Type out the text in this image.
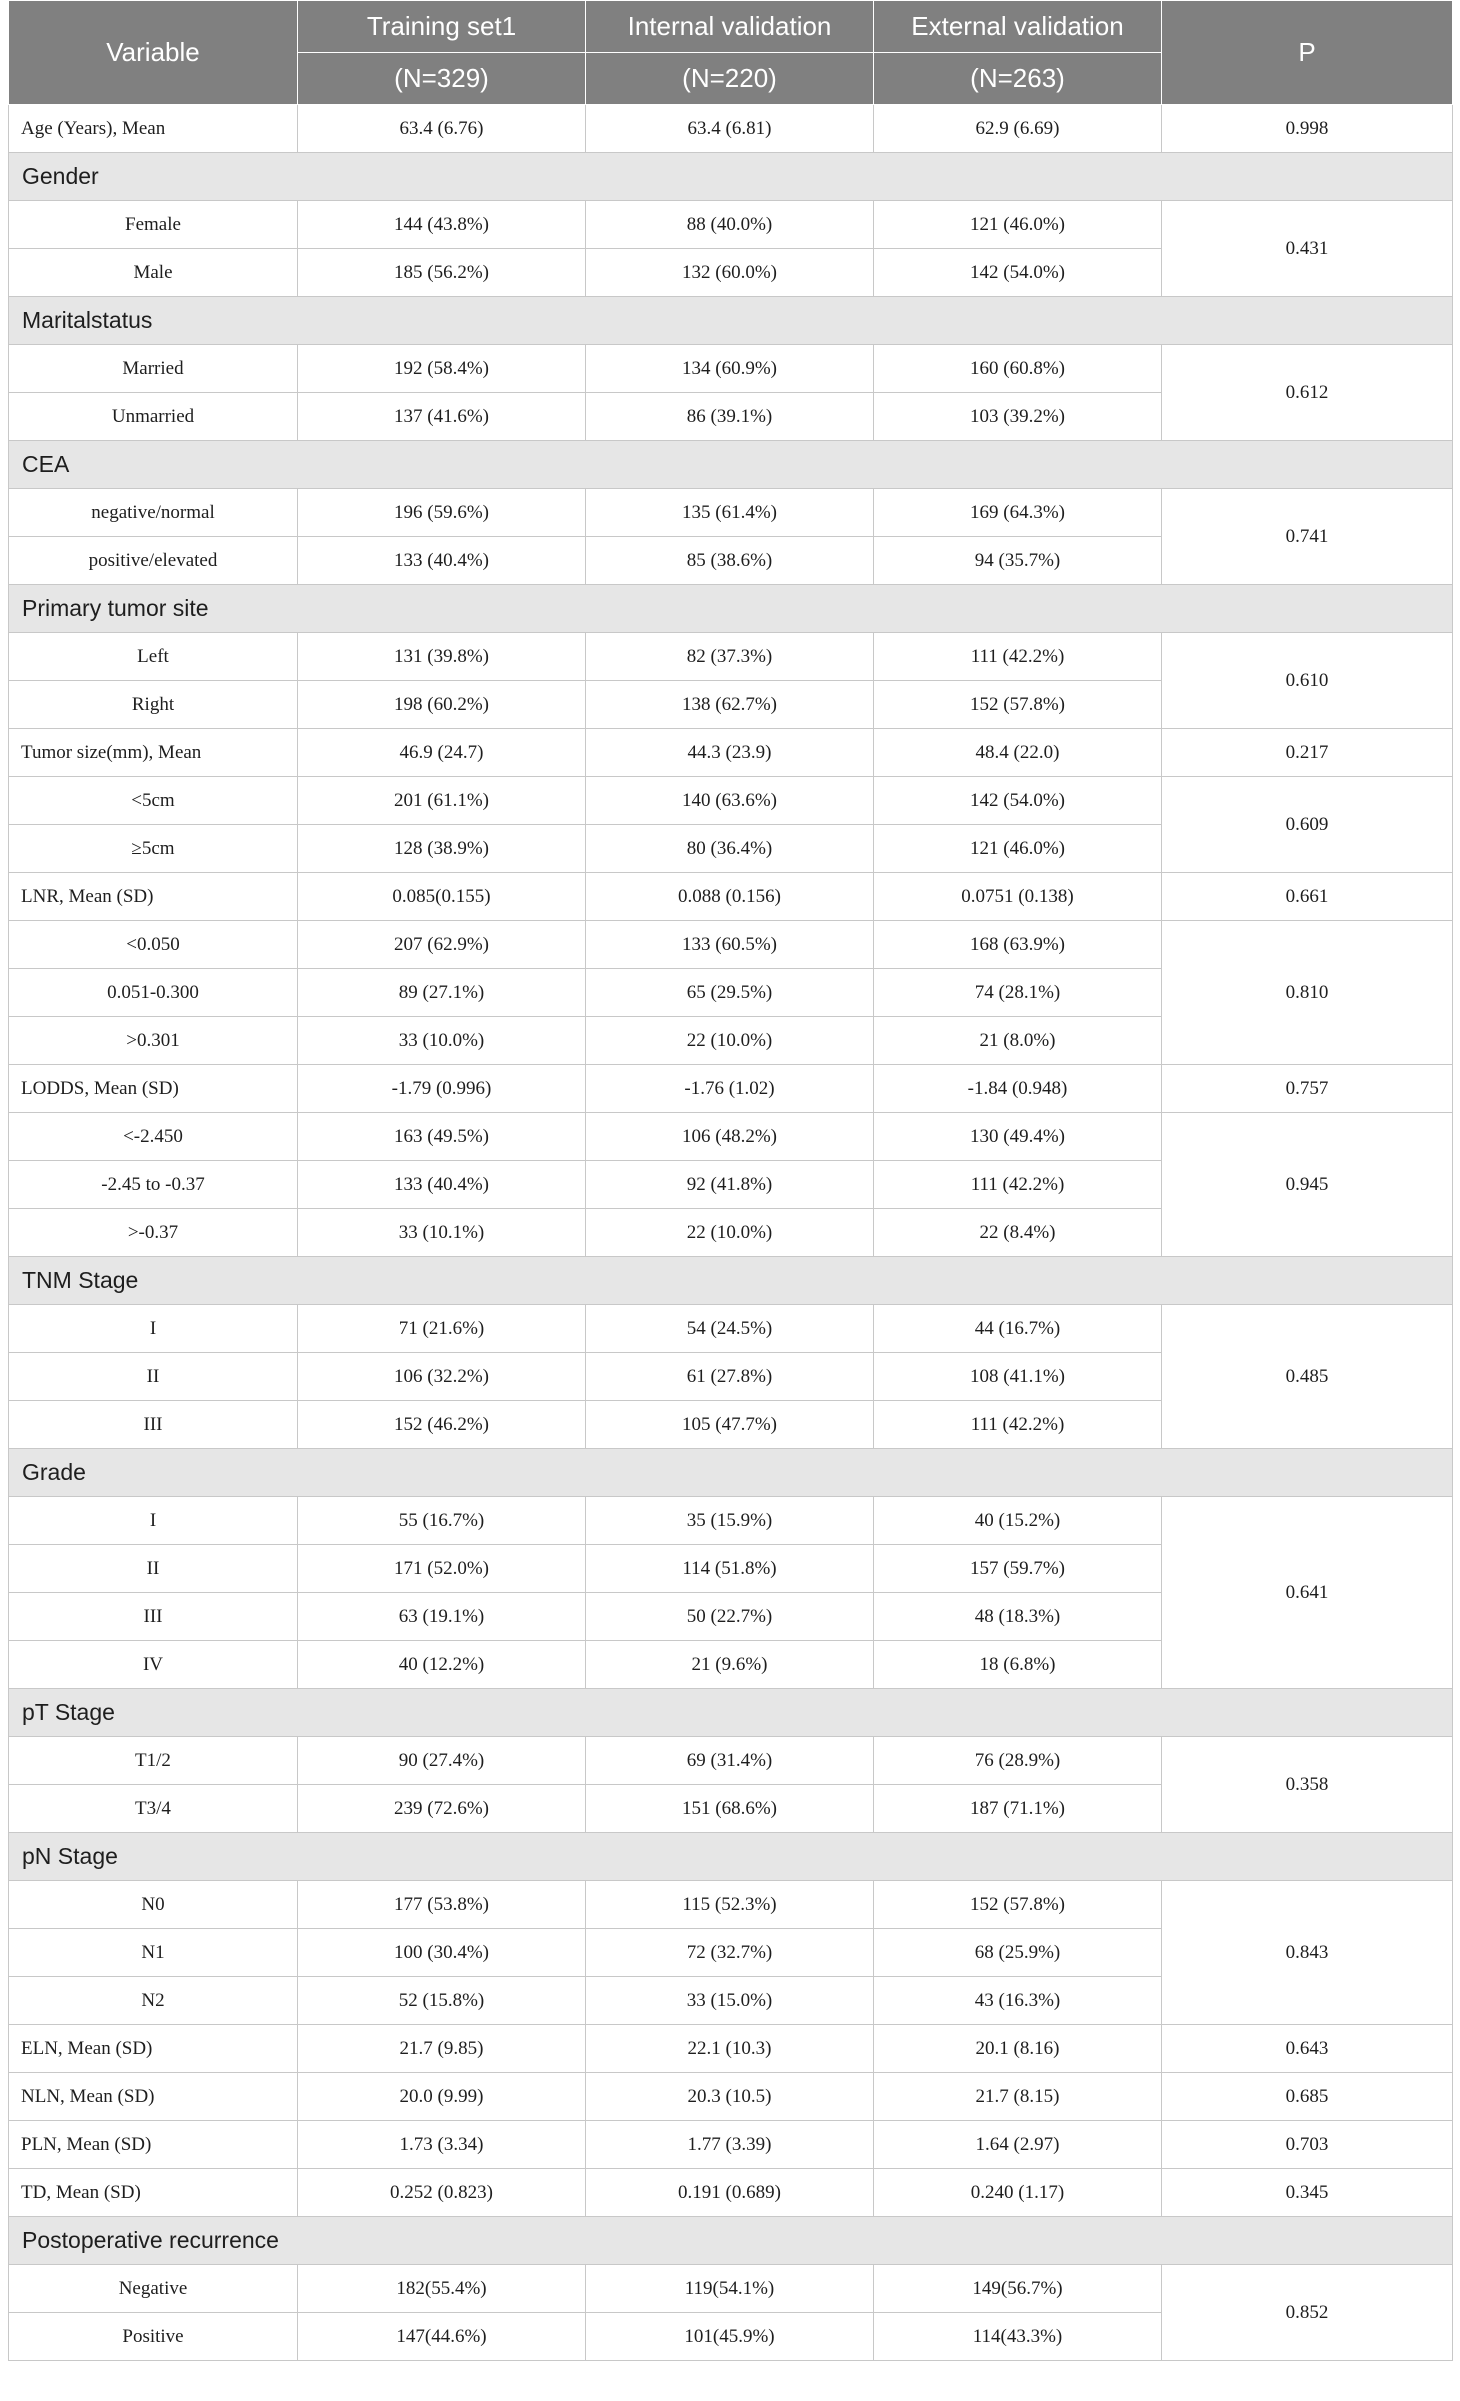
Variable	Training set1	Internal validation	External validation	P
	(N=329)	(N=220)	(N=263)	
Age (Years), Mean	63.4 (6.76)	63.4 (6.81)	62.9 (6.69)	0.998
Gender				
Female	144 (43.8%)	88 (40.0%)	121 (46.0%)	0.431
Male	185 (56.2%)	132 (60.0%)	142 (54.0%)	
Maritalstatus				
Married	192 (58.4%)	134 (60.9%)	160 (60.8%)	0.612
Unmarried	137 (41.6%)	86 (39.1%)	103 (39.2%)	
CEA				
negative/normal	196 (59.6%)	135 (61.4%)	169 (64.3%)	0.741
positive/elevated	133 (40.4%)	85 (38.6%)	94 (35.7%)	
Primary tumor site				
Left	131 (39.8%)	82 (37.3%)	111 (42.2%)	0.610
Right	198 (60.2%)	138 (62.7%)	152 (57.8%)	
Tumor size(mm), Mean	46.9 (24.7)	44.3 (23.9)	48.4 (22.0)	0.217
<5cm	201 (61.1%)	140 (63.6%)	142 (54.0%)	0.609
≥5cm	128 (38.9%)	80 (36.4%)	121 (46.0%)	
LNR, Mean (SD)	0.085(0.155)	0.088 (0.156)	0.0751 (0.138)	0.661
<0.050	207 (62.9%)	133 (60.5%)	168 (63.9%)	0.810
0.051-0.300	89 (27.1%)	65 (29.5%)	74 (28.1%)	
>0.301	33 (10.0%)	22 (10.0%)	21 (8.0%)	
LODDS, Mean (SD)	-1.79 (0.996)	-1.76 (1.02)	-1.84 (0.948)	0.757
<-2.450	163 (49.5%)	106 (48.2%)	130 (49.4%)	0.945
-2.45 to -0.37	133 (40.4%)	92 (41.8%)	111 (42.2%)	
>-0.37	33 (10.1%)	22 (10.0%)	22 (8.4%)	
TNM Stage				
I	71 (21.6%)	54 (24.5%)	44 (16.7%)	0.485
II	106 (32.2%)	61 (27.8%)	108 (41.1%)	
III	152 (46.2%)	105 (47.7%)	111 (42.2%)	
Grade				
I	55 (16.7%)	35 (15.9%)	40 (15.2%)	0.641
II	171 (52.0%)	114 (51.8%)	157 (59.7%)	
III	63 (19.1%)	50 (22.7%)	48 (18.3%)	
IV	40 (12.2%)	21 (9.6%)	18 (6.8%)	
pT Stage				
T1/2	90 (27.4%)	69 (31.4%)	76 (28.9%)	0.358
T3/4	239 (72.6%)	151 (68.6%)	187 (71.1%)	
pN Stage				
N0	177 (53.8%)	115 (52.3%)	152 (57.8%)	0.843
N1	100 (30.4%)	72 (32.7%)	68 (25.9%)	
N2	52 (15.8%)	33 (15.0%)	43 (16.3%)	
ELN, Mean (SD)	21.7 (9.85)	22.1 (10.3)	20.1 (8.16)	0.643
NLN, Mean (SD)	20.0 (9.99)	20.3 (10.5)	21.7 (8.15)	0.685
PLN, Mean (SD)	1.73 (3.34)	1.77 (3.39)	1.64 (2.97)	0.703
TD, Mean (SD)	0.252 (0.823)	0.191 (0.689)	0.240 (1.17)	0.345
Postoperative recurrence				
Negative	182(55.4%)	119(54.1%)	149(56.7%)	0.852
Positive	147(44.6%)	101(45.9%)	114(43.3%)	
